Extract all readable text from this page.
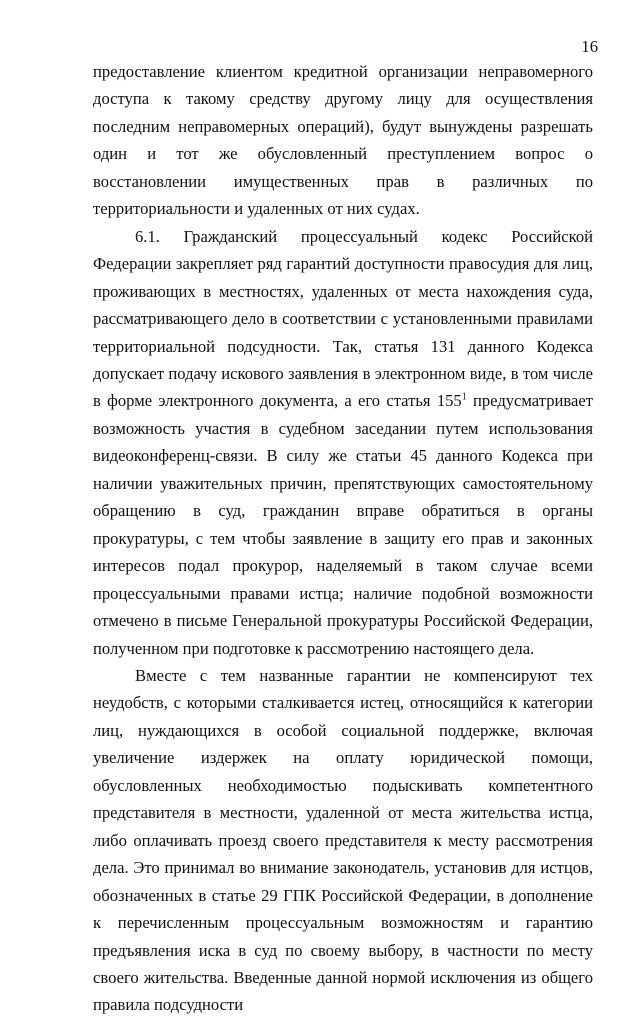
16

предоставление клиентом кредитной организации неправомерного доступа к такому средству другому лицу для осуществления последним неправомерных операций), будут вынуждены разрешать один и тот же обусловленный преступлением вопрос о восстановлении имущественных прав в различных по территориальности и удаленных от них судах.

6.1. Гражданский процессуальный кодекс Российской Федерации закрепляет ряд гарантий доступности правосудия для лиц, проживающих в местностях, удаленных от места нахождения суда, рассматривающего дело в соответствии с установленными правилами территориальной подсудности. Так, статья 131 данного Кодекса допускает подачу искового заявления в электронном виде, в том числе в форме электронного документа, а его статья $155^1$ предусматривает возможность участия в судебном заседании путем использования видеоконференц-связи. В силу же статьи 45 данного Кодекса при наличии уважительных причин, препятствующих самостоятельному обращению в суд, гражданин вправе обратиться в органы прокуратуры, с тем чтобы заявление в защиту его прав и законных интересов подал прокурор, наделяемый в таком случае всеми процессуальными правами истца; наличие подобной возможности отмечено в письме Генеральной прокуратуры Российской Федерации, полученном при подготовке к рассмотрению настоящего дела.

Вместе с тем названные гарантии не компенсируют тех неудобств, с которыми сталкивается истец, относящийся к категории лиц, нуждающихся в особой социальной поддержке, включая увеличение издержек на оплату юридической помощи, обусловленных необходимостью подыскивать компетентного представителя в местности, удаленной от места жительства истца, либо оплачивать проезд своего представителя к месту рассмотрения дела. Это принимал во внимание законодатель, установив для истцов, обозначенных в статье 29 ГПК Российской Федерации, в дополнение к перечисленным процессуальным возможностям и гарантию предъявления иска в суд по своему выбору, в частности по месту своего жительства. Введенные данной нормой исключения из общего правила подсудности
